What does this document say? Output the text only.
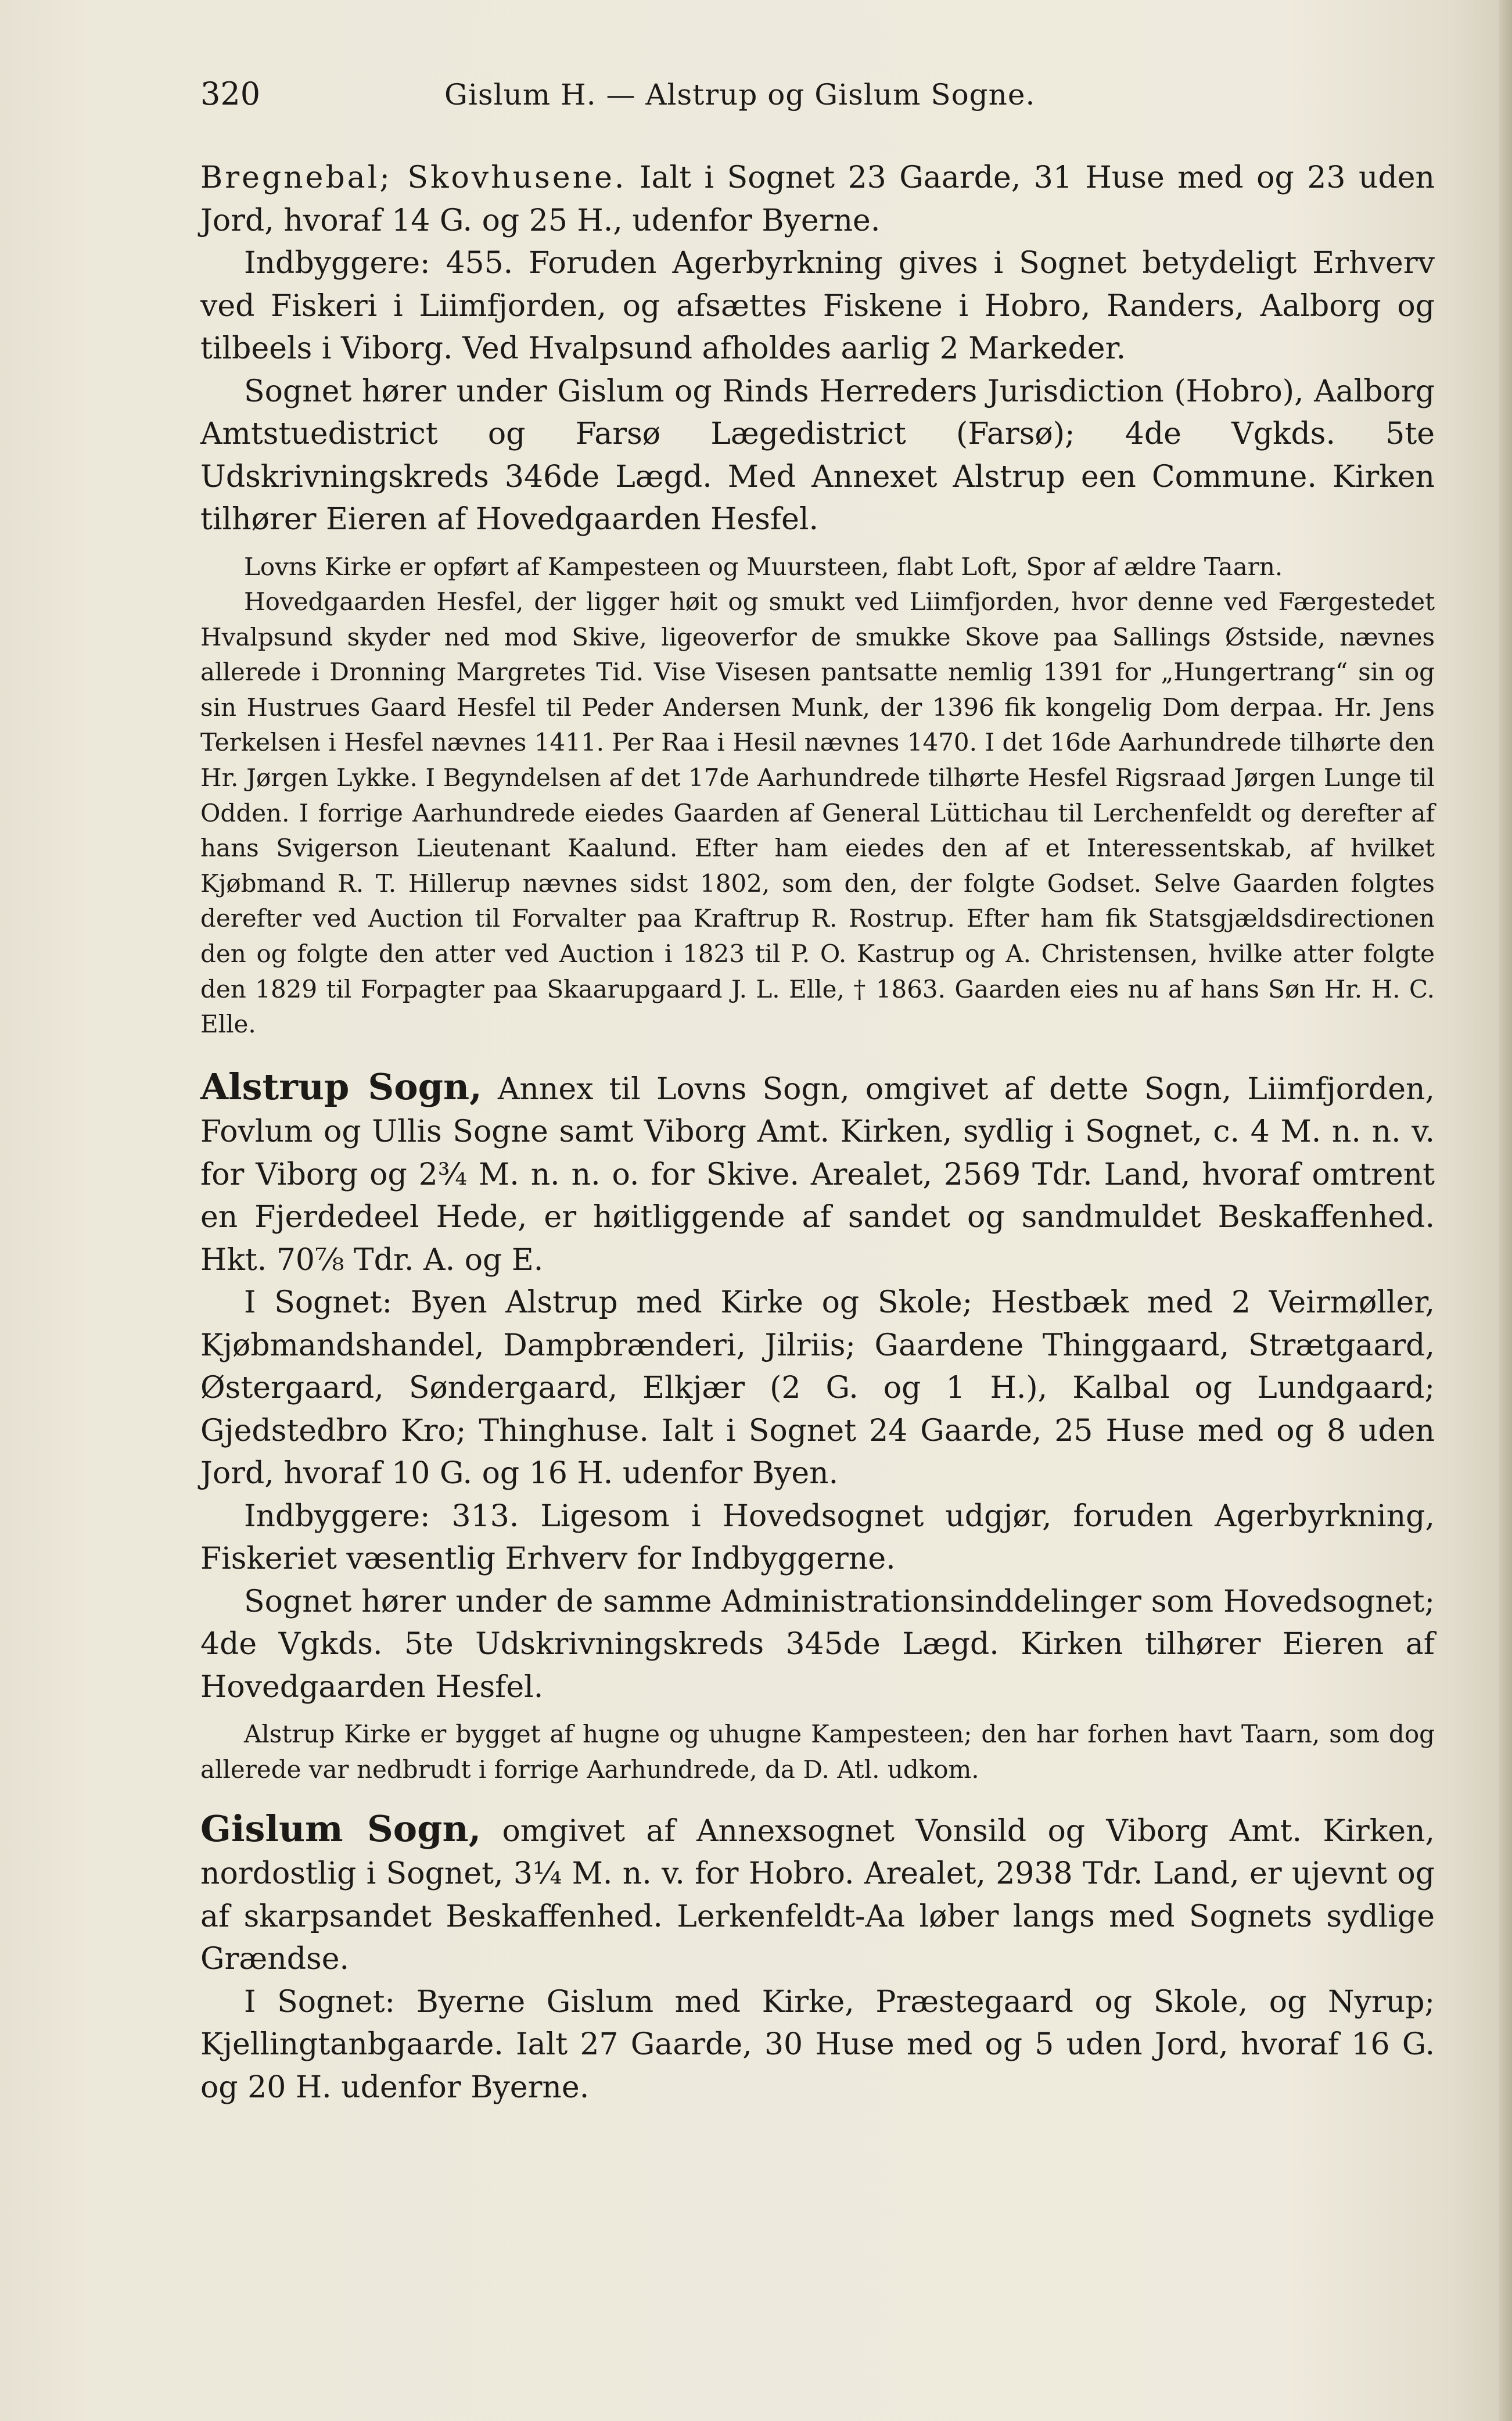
320	Gislum H. — Alstrup og Gislum Sogne.

Bregnebal; Skovhusene. Ialt i Sognet 23 Gaarde, 31 Huse med og 23 uden Jord, hvoraf 14 G. og 25 H., udenfor Byerne.

Indbyggere: 455. Foruden Agerbyrkning gives i Sognet betydeligt Erhverv ved Fiskeri i Liimfjorden, og afsættes Fiskene i Hobro, Randers, Aalborg og tilbeels i Viborg. Ved Hvalpsund afholdes aarlig 2 Markeder.

Sognet hører under Gislum og Rinds Herreders Jurisdiction (Hobro), Aalborg Amtstuedistrict og Farsø Lægedistrict (Farsø); 4de Vgkds. 5te Udskrivningskreds 346de Lægd. Med Annexet Alstrup een Commune. Kirken tilhører Eieren af Hovedgaarden Hesfel.

Lovns Kirke er opført af Kampesteen og Muursteen, flabt Loft, Spor af ældre Taarn.

Hovedgaarden Hesfel, der ligger høit og smukt ved Liimfjorden, hvor denne ved Færgestedet Hvalpsund skyder ned mod Skive, ligeoverfor de smukke Skove paa Sallings Østside, nævnes allerede i Dronning Margretes Tid. Vise Visesen pantsatte nemlig 1391 for „Hungertrang“ sin og sin Hustrues Gaard Hesfel til Peder Andersen Munk, der 1396 fik kongelig Dom derpaa. Hr. Jens Terkelsen i Hesfel nævnes 1411. Per Raa i Hesil nævnes 1470. I det 16de Aarhundrede tilhørte den Hr. Jørgen Lykke. I Begyndelsen af det 17de Aarhundrede tilhørte Hesfel Rigsraad Jørgen Lunge til Odden. I forrige Aarhundrede eiedes Gaarden af General Lüttichau til Lerchenfeldt og derefter af hans Svigerson Lieutenant Kaalund. Efter ham eiedes den af et Interessentskab, af hvilket Kjøbmand R. T. Hillerup nævnes sidst 1802, som den, der folgte Godset. Selve Gaarden folgtes derefter ved Auction til Forvalter paa Kraftrup R. Rostrup. Efter ham fik Statsgjældsdirectionen den og folgte den atter ved Auction i 1823 til P. O. Kastrup og A. Christensen, hvilke atter folgte den 1829 til Forpagter paa Skaarupgaard J. L. Elle, † 1863. Gaarden eies nu af hans Søn Hr. H. C. Elle.

Alstrup Sogn, Annex til Lovns Sogn, omgivet af dette Sogn, Liimfjorden, Fovlum og Ullis Sogne samt Viborg Amt. Kirken, sydlig i Sognet, c. 4 M. n. n. v. for Viborg og 2¾ M. n. n. o. for Skive. Arealet, 2569 Tdr. Land, hvoraf omtrent en Fjerdedeel Hede, er høitliggende af sandet og sandmuldet Beskaffenhed. Hkt. 70⅞ Tdr. A. og E.

I Sognet: Byen Alstrup med Kirke og Skole; Hestbæk med 2 Veirmøller, Kjøbmandshandel, Dampbrænderi, Jilriis; Gaardene Thinggaard, Strætgaard, Østergaard, Søndergaard, Elkjær (2 G. og 1 H.), Kalbal og Lundgaard; Gjedstedbro Kro; Thinghuse. Ialt i Sognet 24 Gaarde, 25 Huse med og 8 uden Jord, hvoraf 10 G. og 16 H. udenfor Byen.

Indbyggere: 313. Ligesom i Hovedsognet udgjør, foruden Agerbyrkning, Fiskeriet væsentlig Erhverv for Indbyggerne.

Sognet hører under de samme Administrationsinddelinger som Hovedsognet; 4de Vgkds. 5te Udskrivningskreds 345de Lægd. Kirken tilhører Eieren af Hovedgaarden Hesfel.

Alstrup Kirke er bygget af hugne og uhugne Kampesteen; den har forhen havt Taarn, som dog allerede var nedbrudt i forrige Aarhundrede, da D. Atl. udkom.

Gislum Sogn, omgivet af Annexsognet Vonsild og Viborg Amt. Kirken, nordostlig i Sognet, 3¼ M. n. v. for Hobro. Arealet, 2938 Tdr. Land, er ujevnt og af skarpsandet Beskaffenhed. Lerkenfeldt-Aa løber langs med Sognets sydlige Grændse.

I Sognet: Byerne Gislum med Kirke, Præstegaard og Skole, og Nyrup; Kjellingtanbgaarde. Ialt 27 Gaarde, 30 Huse med og 5 uden Jord, hvoraf 16 G. og 20 H. udenfor Byerne.
